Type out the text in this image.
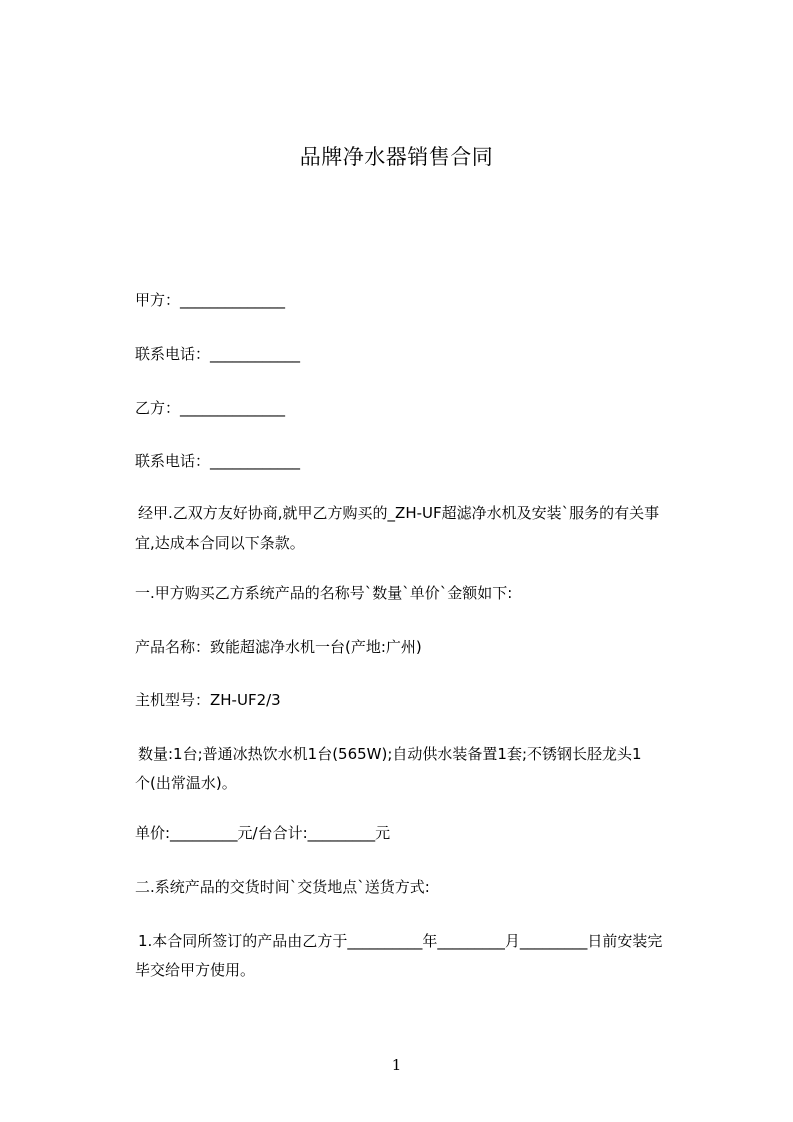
品牌净水器销售合同
甲方：______________
联系电话：____________
乙方：______________
联系电话：____________
经甲.乙双方友好协商,就甲乙方购买的_ZH-UF超滤净水机及安装`服务的有关事
宜,达成本合同以下条款。
一.甲方购买乙方系统产品的名称号`数量`单价`金额如下:
产品名称：致能超滤净水机一台(产地:广州)
主机型号：ZH-UF2/3
数量:1台;普通冰热饮水机1台(565W);自动供水装备置1套;不锈钢长胫龙头1
个(出常温水)。
单价:_________元/台合计:_________元
二.系统产品的交货时间`交货地点`送货方式:
1.本合同所签订的产品由乙方于__________年_________月_________日前安装完
毕交给甲方使用。
1
